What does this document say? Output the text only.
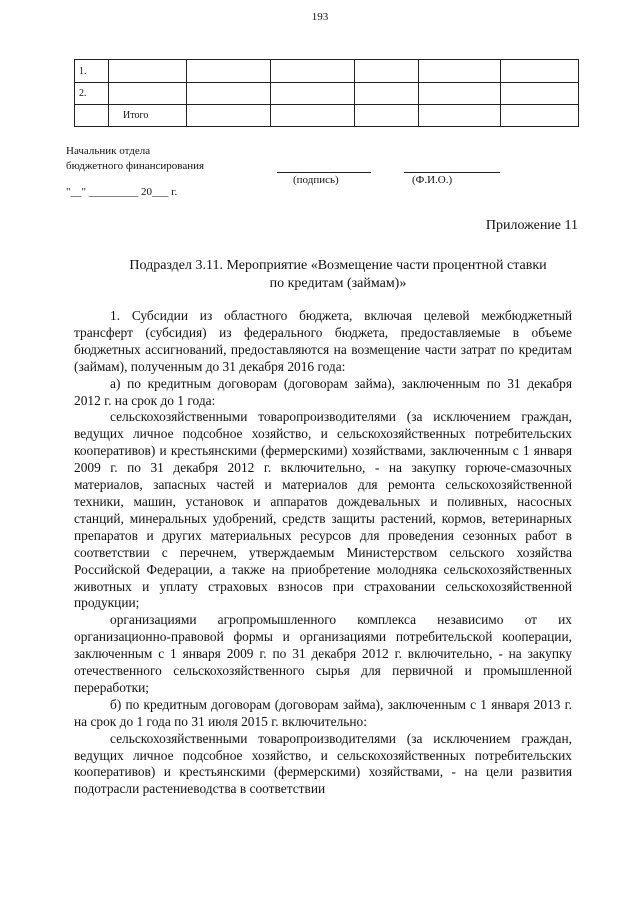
193
1.						
2.						
	Итого					
Начальник отдела
бюджетного финансирования
(подпись)	(Ф.И.О.)
"__" _________ 20___ г.
Приложение 11
Подраздел 3.11. Мероприятие «Возмещение части процентной ставки
по кредитам (займам)»

1. Субсидии из областного бюджета, включая целевой межбюджетный трансферт (субсидия) из федерального бюджета, предоставляемые в объеме бюджетных ассигнований, предоставляются на возмещение части затрат по кредитам (займам), полученным до 31 декабря 2016 года:

а) по кредитным договорам (договорам займа), заключенным по 31 декабря 2012 г. на срок до 1 года:

сельскохозяйственными товаропроизводителями (за исключением граждан, ведущих личное подсобное хозяйство, и сельскохозяйственных потребительских кооперативов) и крестьянскими (фермерскими) хозяйствами, заключенным с 1 января 2009 г. по 31 декабря 2012 г. включительно, - на закупку горюче-смазочных материалов, запасных частей и материалов для ремонта сельскохозяйственной техники, машин, установок и аппаратов дождевальных и поливных, насосных станций, минеральных удобрений, средств защиты растений, кормов, ветеринарных препаратов и других материальных ресурсов для проведения сезонных работ в соответствии с перечнем, утверждаемым Министерством сельского хозяйства Российской Федерации, а также на приобретение молодняка сельскохозяйственных животных и уплату страховых взносов при страховании сельскохозяйственной продукции;

организациями агропромышленного комплекса независимо от их организационно-правовой формы и организациями потребительской кооперации, заключенным с 1 января 2009 г. по 31 декабря 2012 г. включительно, - на закупку отечественного сельскохозяйственного сырья для первичной и промышленной переработки;

б) по кредитным договорам (договорам займа), заключенным с 1 января 2013 г. на срок до 1 года по 31 июля 2015 г. включительно:

сельскохозяйственными товаропроизводителями (за исключением граждан, ведущих личное подсобное хозяйство, и сельскохозяйственных потребительских кооперативов) и крестьянскими (фермерскими) хозяйствами, - на цели развития подотрасли растениеводства в соответствии
